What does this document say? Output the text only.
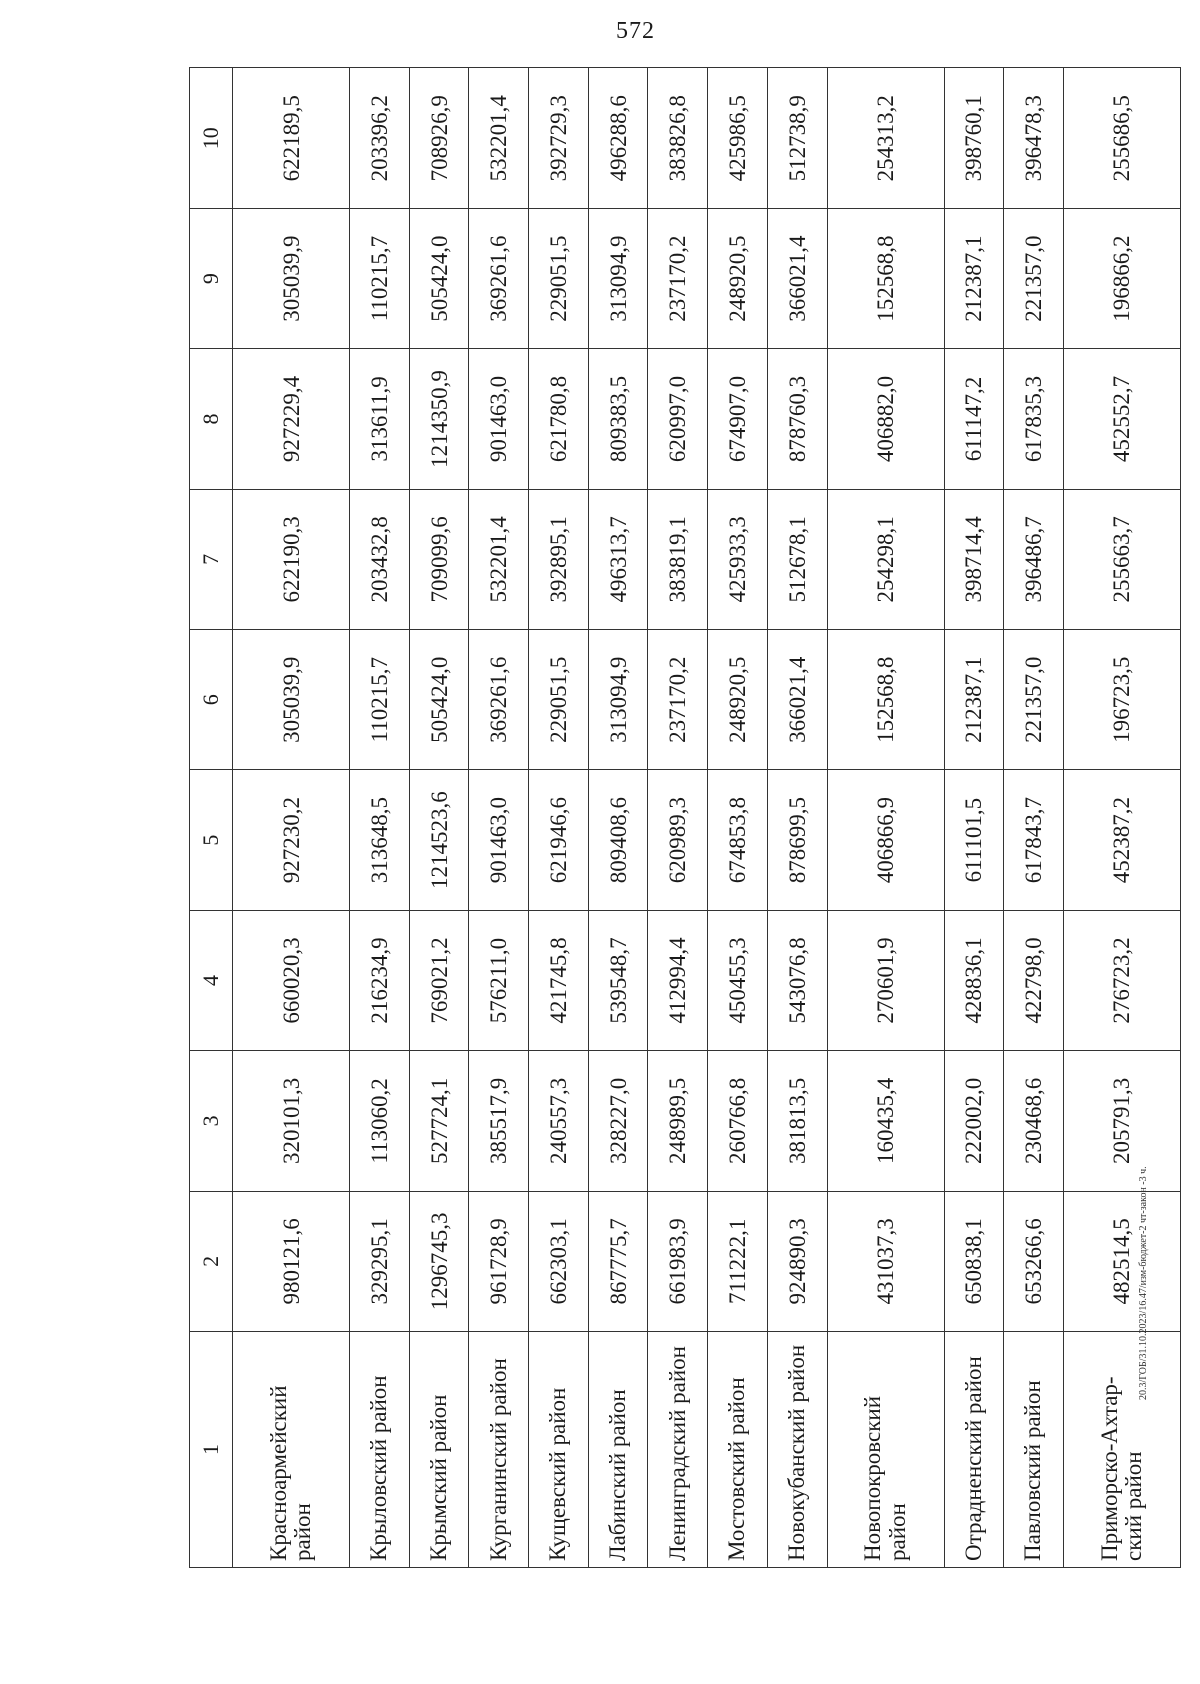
572
1	2	3	4	5	6	7	8	9	10
Красноармейский район	980121,6	320101,3	660020,3	927230,2	305039,9	622190,3	927229,4	305039,9	622189,5
Крыловский район	329295,1	113060,2	216234,9	313648,5	110215,7	203432,8	313611,9	110215,7	203396,2
Крымский район	1296745,3	527724,1	769021,2	1214523,6	505424,0	709099,6	1214350,9	505424,0	708926,9
Курганинский район	961728,9	385517,9	576211,0	901463,0	369261,6	532201,4	901463,0	369261,6	532201,4
Кущевский район	662303,1	240557,3	421745,8	621946,6	229051,5	392895,1	621780,8	229051,5	392729,3
Лабинский район	867775,7	328227,0	539548,7	809408,6	313094,9	496313,7	809383,5	313094,9	496288,6
Ленинградский район	661983,9	248989,5	412994,4	620989,3	237170,2	383819,1	620997,0	237170,2	383826,8
Мостовский район	711222,1	260766,8	450455,3	674853,8	248920,5	425933,3	674907,0	248920,5	425986,5
Новокубанский район	924890,3	381813,5	543076,8	878699,5	366021,4	512678,1	878760,3	366021,4	512738,9
Новопокровский район	431037,3	160435,4	270601,9	406866,9	152568,8	254298,1	406882,0	152568,8	254313,2
Отрадненский район	650838,1	222002,0	428836,1	611101,5	212387,1	398714,4	611147,2	212387,1	398760,1
Павловский район	653266,6	230468,6	422798,0	617843,7	221357,0	396486,7	617835,3	221357,0	396478,3
Приморско-Ахтар-ский район	482514,5	205791,3	276723,2	452387,2	196723,5	255663,7	452552,7	196866,2	255686,5
20.3/ГОБ/31.10.2023/16.47/изм-бюджет-2 чт-закон -3 ч.
